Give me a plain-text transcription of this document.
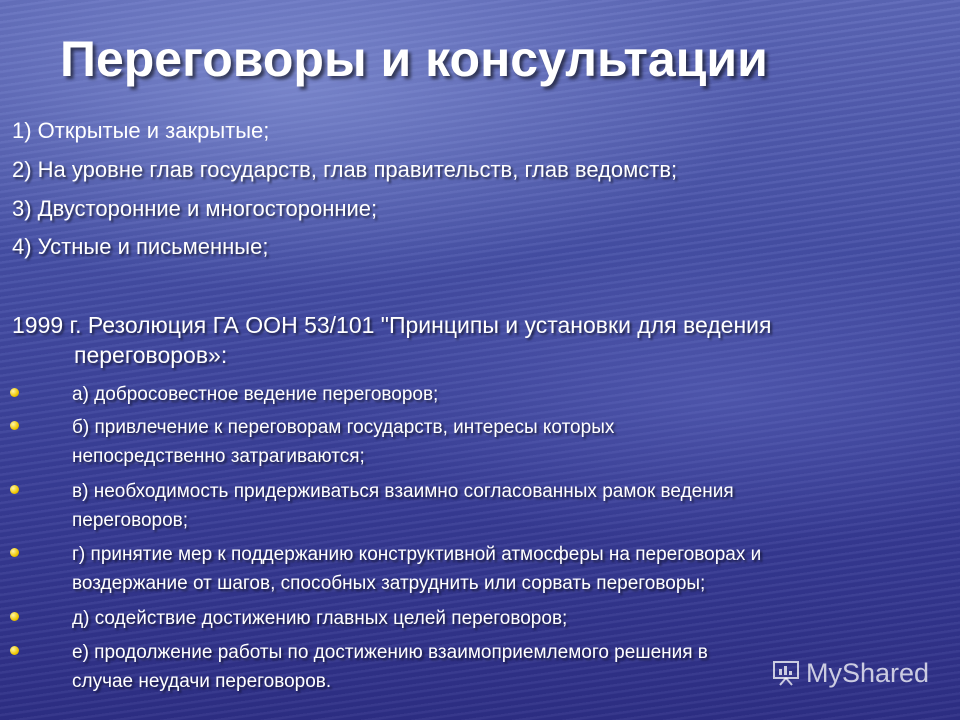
Переговоры и консультации
1) Открытые и закрытые;
2) На уровне глав государств, глав правительств, глав ведомств;
3) Двусторонние и многосторонние;
4) Устные и письменные;
1999 г. Резолюция ГА ООН 53/101 "Принципы и установки для ведения
переговоров»:
а) добросовестное ведение переговоров;
б) привлечение к переговорам государств, интересы которых
непосредственно затрагиваются;
в) необходимость придерживаться взаимно согласованных рамок ведения
переговоров;
г) принятие мер к поддержанию конструктивной атмосферы на переговорах и
воздержание от шагов, способных затруднить или сорвать переговоры;
д) содействие достижению главных целей переговоров;
е) продолжение работы по достижению взаимоприемлемого решения в
случае неудачи переговоров.	MyShared
